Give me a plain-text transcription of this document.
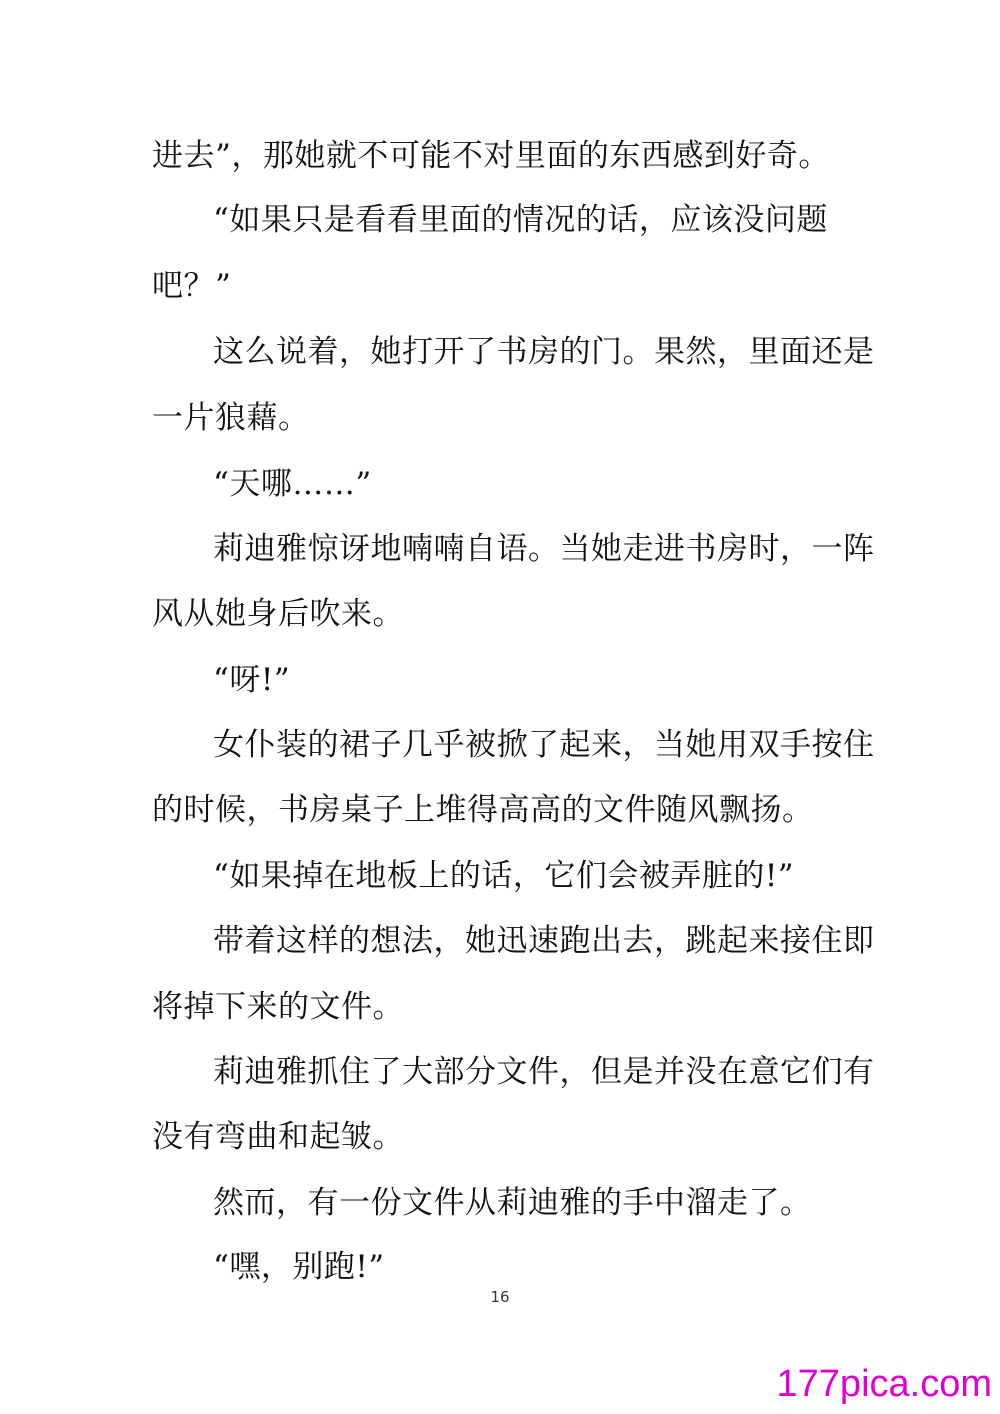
进去”，那她就不可能不对里面的东西感到好奇。
“如果只是看看里面的情况的话，应该没问题
吧？”
这么说着，她打开了书房的门。果然，里面还是
一片狼藉。
“天哪……”
莉迪雅惊讶地喃喃自语。当她走进书房时，一阵
风从她身后吹来。
“呀!”
女仆装的裙子几乎被掀了起来，当她用双手按住
的时候，书房桌子上堆得高高的文件随风飘扬。
“如果掉在地板上的话，它们会被弄脏的!”
带着这样的想法，她迅速跑出去，跳起来接住即
将掉下来的文件。
莉迪雅抓住了大部分文件，但是并没在意它们有
没有弯曲和起皱。
然而，有一份文件从莉迪雅的手中溜走了。
“嘿，别跑!”
16
177pica.com
